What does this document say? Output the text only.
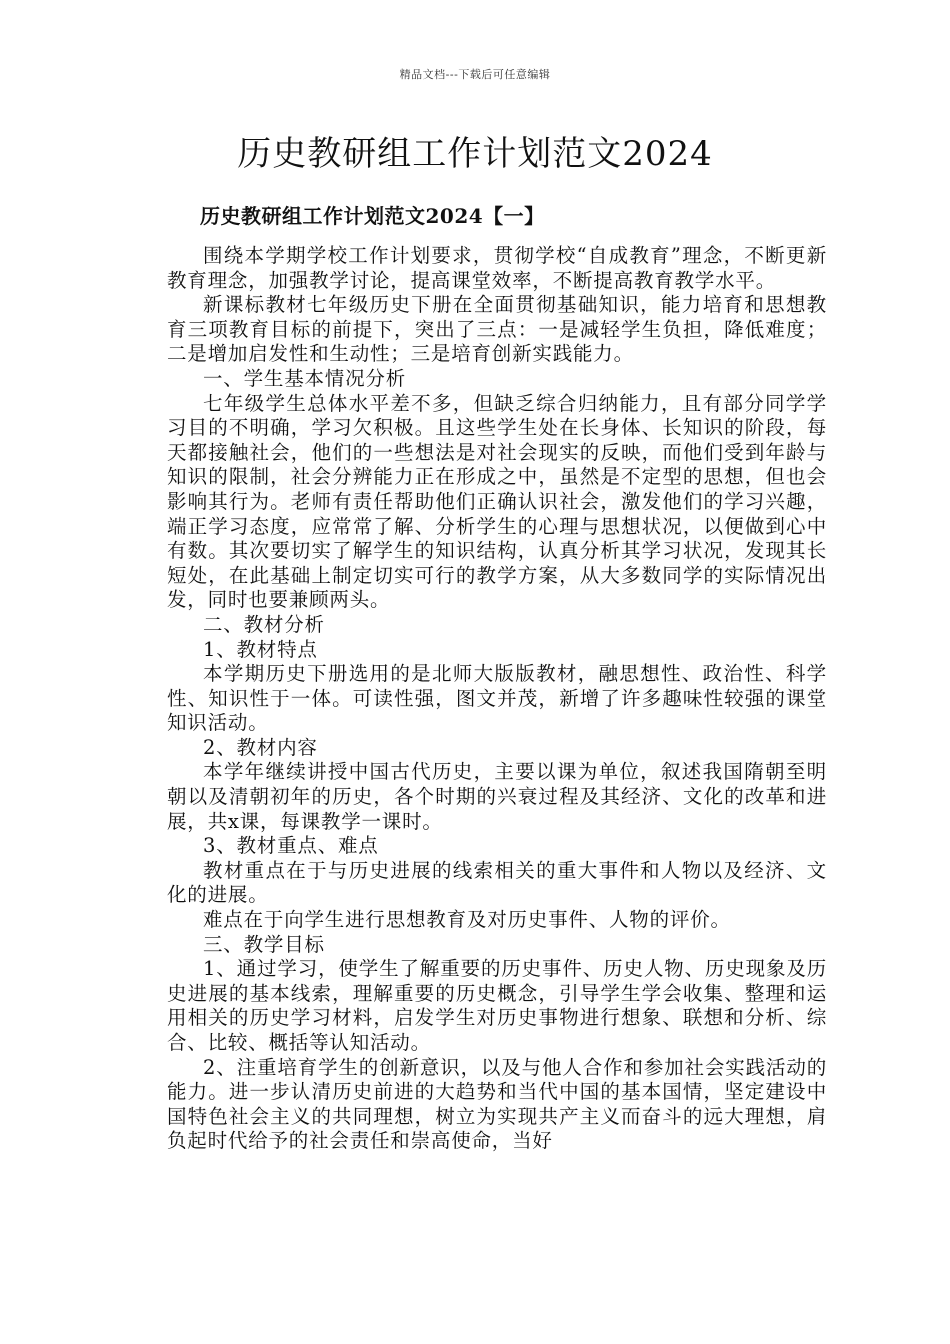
精品文档---下载后可任意编辑
历史教研组工作计划范文2024
历史教研组工作计划范文2024【一】

围绕本学期学校工作计划要求，贯彻学校“自成教育”理念，不断更新教育理念，加强教学讨论，提高课堂效率，不断提高教育教学水平。

新课标教材七年级历史下册在全面贯彻基础知识，能力培育和思想教育三项教育目标的前提下，突出了三点：一是减轻学生负担，降低难度；二是增加启发性和生动性；三是培育创新实践能力。

一、学生基本情况分析

七年级学生总体水平差不多，但缺乏综合归纳能力，且有部分同学学习目的不明确，学习欠积极。且这些学生处在长身体、长知识的阶段，每天都接触社会，他们的一些想法是对社会现实的反映，而他们受到年龄与知识的限制，社会分辨能力正在形成之中，虽然是不定型的思想，但也会影响其行为。老师有责任帮助他们正确认识社会，激发他们的学习兴趣，端正学习态度，应常常了解、分析学生的心理与思想状况，以便做到心中有数。其次要切实了解学生的知识结构，认真分析其学习状况，发现其长短处，在此基础上制定切实可行的教学方案，从大多数同学的实际情况出发，同时也要兼顾两头。

二、教材分析

1、教材特点

本学期历史下册选用的是北师大版版教材，融思想性、政治性、科学性、知识性于一体。可读性强，图文并茂，新增了许多趣味性较强的课堂知识活动。

2、教材内容

本学年继续讲授中国古代历史，主要以课为单位，叙述我国隋朝至明朝以及清朝初年的历史，各个时期的兴衰过程及其经济、文化的改革和进展，共x课，每课教学一课时。

3、教材重点、难点

教材重点在于与历史进展的线索相关的重大事件和人物以及经济、文化的进展。

难点在于向学生进行思想教育及对历史事件、人物的评价。

三、教学目标

1、通过学习，使学生了解重要的历史事件、历史人物、历史现象及历史进展的基本线索，理解重要的历史概念，引导学生学会收集、整理和运用相关的历史学习材料，启发学生对历史事物进行想象、联想和分析、综合、比较、概括等认知活动。

2、注重培育学生的创新意识，以及与他人合作和参加社会实践活动的能力。进一步认清历史前进的大趋势和当代中国的基本国情，坚定建设中国特色社会主义的共同理想，树立为实现共产主义而奋斗的远大理想，肩负起时代给予的社会责任和崇高使命，当好
